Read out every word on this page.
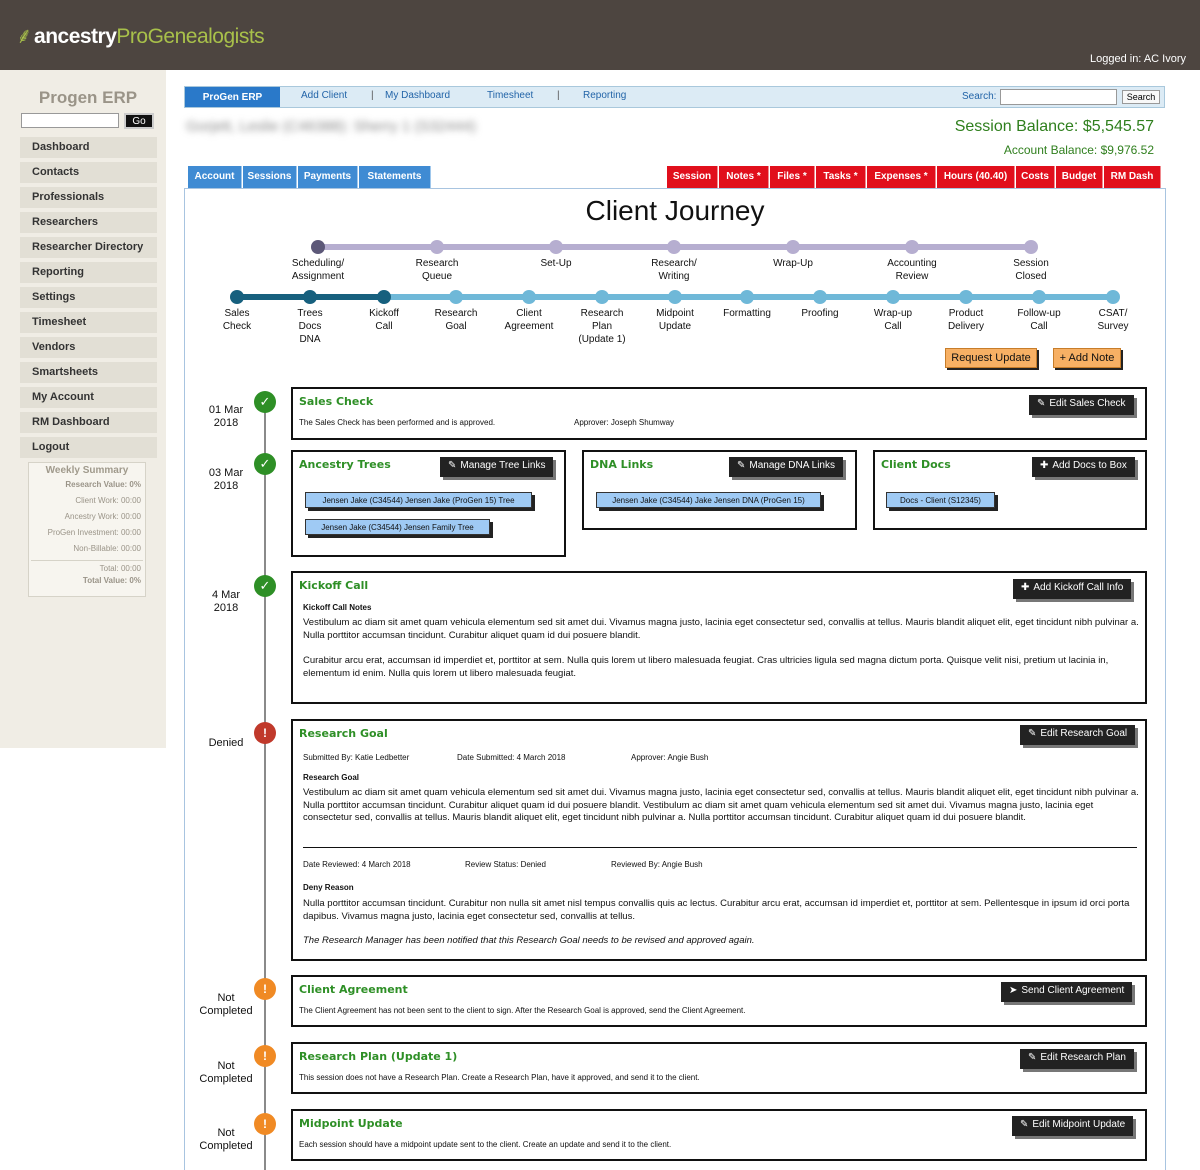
⸙ancestryProGenealogists
Logged in: AC Ivory
Progen ERP
Go
Dashboard
Contacts
Professionals
Researchers
Researcher Directory
Reporting
Settings
Timesheet
Vendors
Smartsheets
My Account
RM Dashboard
Logout
Weekly Summary
Research Value: 0%
Client Work: 00:00
Ancestry Work: 00:00
ProGen Investment: 00:00
Non-Billable: 00:00
Total: 00:00
Total Value: 0%
ProGen ERP	Add Client | My Dashboard	Timesheet | Reporting	Search:	Search
Gorjett, Leslie (C46388): Sherry 1 (S32444)	Session Balance: $5,545.57
Account Balance: $9,976.52
Account	Sessions	Payments	Statements	Session	Notes *	Files *	Tasks *	Expenses *	Hours (40.40)	Costs	Budget	RM Dash
Client Journey
Scheduling/
Assignment
Research
Queue
Set-Up	Research/
Writing
Wrap-Up	Accounting
Review
Session
Closed
Sales
Check
Trees
Docs
DNA
Kickoff
Call
Research
Goal
Client
Agreement
Research
Plan
(Update 1)
Midpoint
Update
Formatting	Proofing	Wrap-up
Call
Product
Delivery
Follow-up
Call
CSAT/
Survey
Request Update	+ Add Note
01 Mar
2018
✓	Sales Check	✎ Edit Sales Check
The Sales Check has been performed and is approved.	Approver: Joseph Shumway
03 Mar
2018
✓	Ancestry Trees	✎ Manage Tree Links
Jensen Jake (C34544) Jensen Jake (ProGen 15) Tree
Jensen Jake (C34544) Jensen Family Tree
DNA Links	✎ Manage DNA Links
Jensen Jake (C34544) Jake Jensen DNA (ProGen 15)
Client Docs	✚ Add Docs to Box
Docs - Client (S12345)
4 Mar
2018
✓	Kickoff Call	✚ Add Kickoff Call Info
Kickoff Call Notes
Vestibulum ac diam sit amet quam vehicula elementum sed sit amet dui. Vivamus magna justo, lacinia eget consectetur sed, convallis at tellus. Mauris blandit aliquet elit, eget tincidunt nibh pulvinar a. Nulla porttitor accumsan tincidunt. Curabitur aliquet quam id dui posuere blandit.
Curabitur arcu erat, accumsan id imperdiet et, porttitor at sem. Nulla quis lorem ut libero malesuada feugiat. Cras ultricies ligula sed magna dictum porta. Quisque velit nisi, pretium ut lacinia in, elementum id enim. Nulla quis lorem ut libero malesuada feugiat.
Denied
!	Research Goal	✎ Edit Research Goal
Submitted By: Katie Ledbetter	Date Submitted: 4 March 2018	Approver: Angie Bush
Research Goal
Vestibulum ac diam sit amet quam vehicula elementum sed sit amet dui. Vivamus magna justo, lacinia eget consectetur sed, convallis at tellus. Mauris blandit aliquet elit, eget tincidunt nibh pulvinar a. Nulla porttitor accumsan tincidunt. Curabitur aliquet quam id dui posuere blandit. Vestibulum ac diam sit amet quam vehicula elementum sed sit amet dui. Vivamus magna justo, lacinia eget consectetur sed, convallis at tellus. Mauris blandit aliquet elit, eget tincidunt nibh pulvinar a. Nulla porttitor accumsan tincidunt. Curabitur aliquet quam id dui posuere blandit.
Date Reviewed: 4 March 2018	Review Status: Denied	Reviewed By: Angie Bush
Deny Reason
Nulla porttitor accumsan tincidunt. Curabitur non nulla sit amet nisl tempus convallis quis ac lectus. Curabitur arcu erat, accumsan id imperdiet et, porttitor at sem. Pellentesque in ipsum id orci porta dapibus. Vivamus magna justo, lacinia eget consectetur sed, convallis at tellus.
The Research Manager has been notified that this Research Goal needs to be revised and approved again.
Not
Completed
!	Client Agreement	➤ Send Client Agreement
The Client Agreement has not been sent to the client to sign. After the Research Goal is approved, send the Client Agreement.
Not
Completed
!	Research Plan (Update 1)	✎ Edit Research Plan
This session does not have a Research Plan. Create a Research Plan, have it approved, and send it to the client.
Not
Completed
!	Midpoint Update	✎ Edit Midpoint Update
Each session should have a midpoint update sent to the client. Create an update and send it to the client.
